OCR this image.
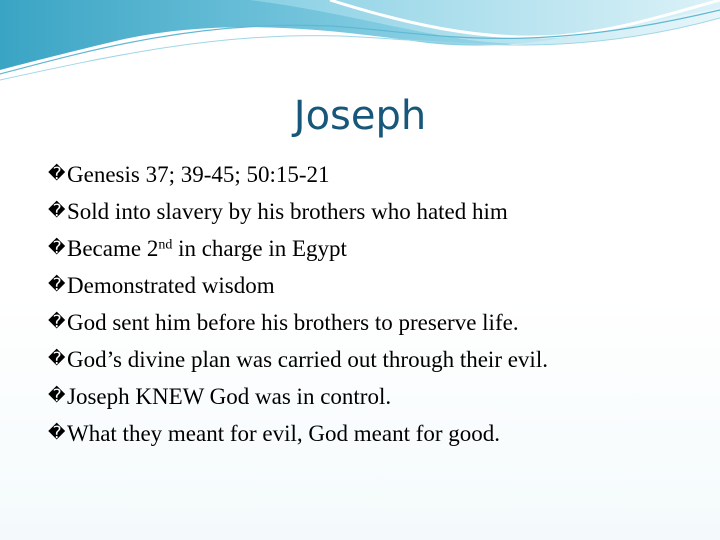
Joseph
� Genesis 37; 39-45; 50:15-21
� Sold into slavery by his brothers who hated him
� Became 2nd in charge in Egypt
� Demonstrated wisdom
� God sent him before his brothers to preserve life.
� God’s divine plan was carried out through their evil.
� Joseph KNEW God was in control.
� What they meant for evil, God meant for good.
